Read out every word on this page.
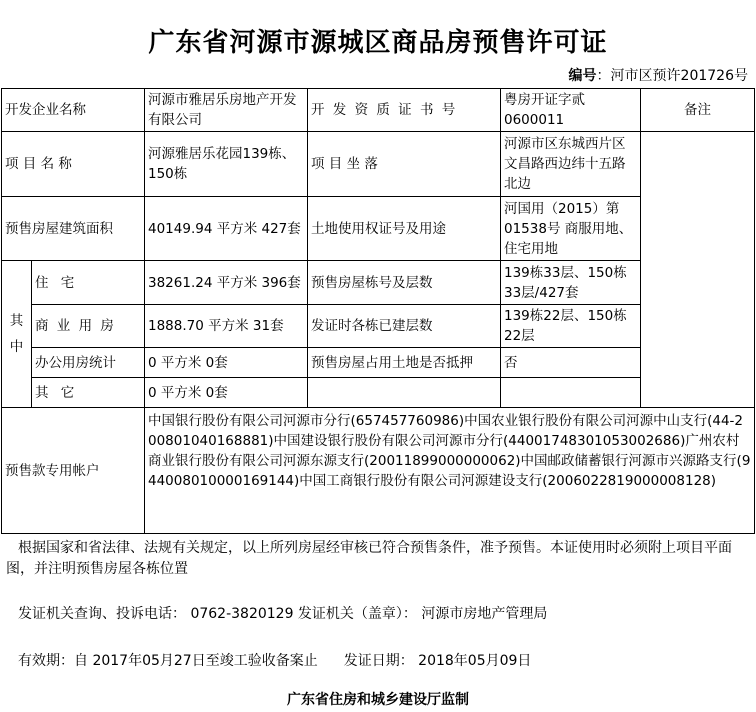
广东省河源市源城区商品房预售许可证
编号：河市区预许201726号
开发企业名称		河源市雅居乐房地产开发有限公司	开 发 资 质 证 书 号	粤房开证字贰0600011	备注
项 目 名 称		河源雅居乐花园139栋、150栋	项 目 坐 落	河源市区东城西片区文昌路西边纬十五路北边	
预售房屋建筑面积		40149.94 平方米 427套	土地使用权证号及用途	河国用（2015）第01538号 商服用地、住宅用地	
其中	住 宅	38261.24 平方米 396套	预售房屋栋号及层数	139栋33层、150栋33层/427套	
	商 业 用 房	1888.70 平方米 31套	发证时各栋已建层数	139栋22层、150栋22层	
	办公用房统计	0 平方米 0套	预售房屋占用土地是否抵押	否	
	其 它	0 平方米 0套			
预售款专用帐户		中国银行股份有限公司河源市分行(657457760986)中国农业银行股份有限公司河源中山支行(44-200801040168881)中国建设银行股份有限公司河源市分行(44001748301053002686)广州农村商业银行股份有限公司河源东源支行(20011899000000062)中国邮政储蓄银行河源市兴源路支行(944008010000169144)中国工商银行股份有限公司河源建设支行(2006022819000008128)			
根据国家和省法律、法规有关规定，以上所列房屋经审核已符合预售条件，准予预售。本证使用时必须附上项目平面图，并注明预售房屋各栋位置
发证机关查询、投诉电话： 0762-3820129 发证机关（盖章）： 河源市房地产管理局
有效期：自 2017年05月27日至竣工验收备案止 发证日期： 2018年05月09日
广东省住房和城乡建设厅监制
